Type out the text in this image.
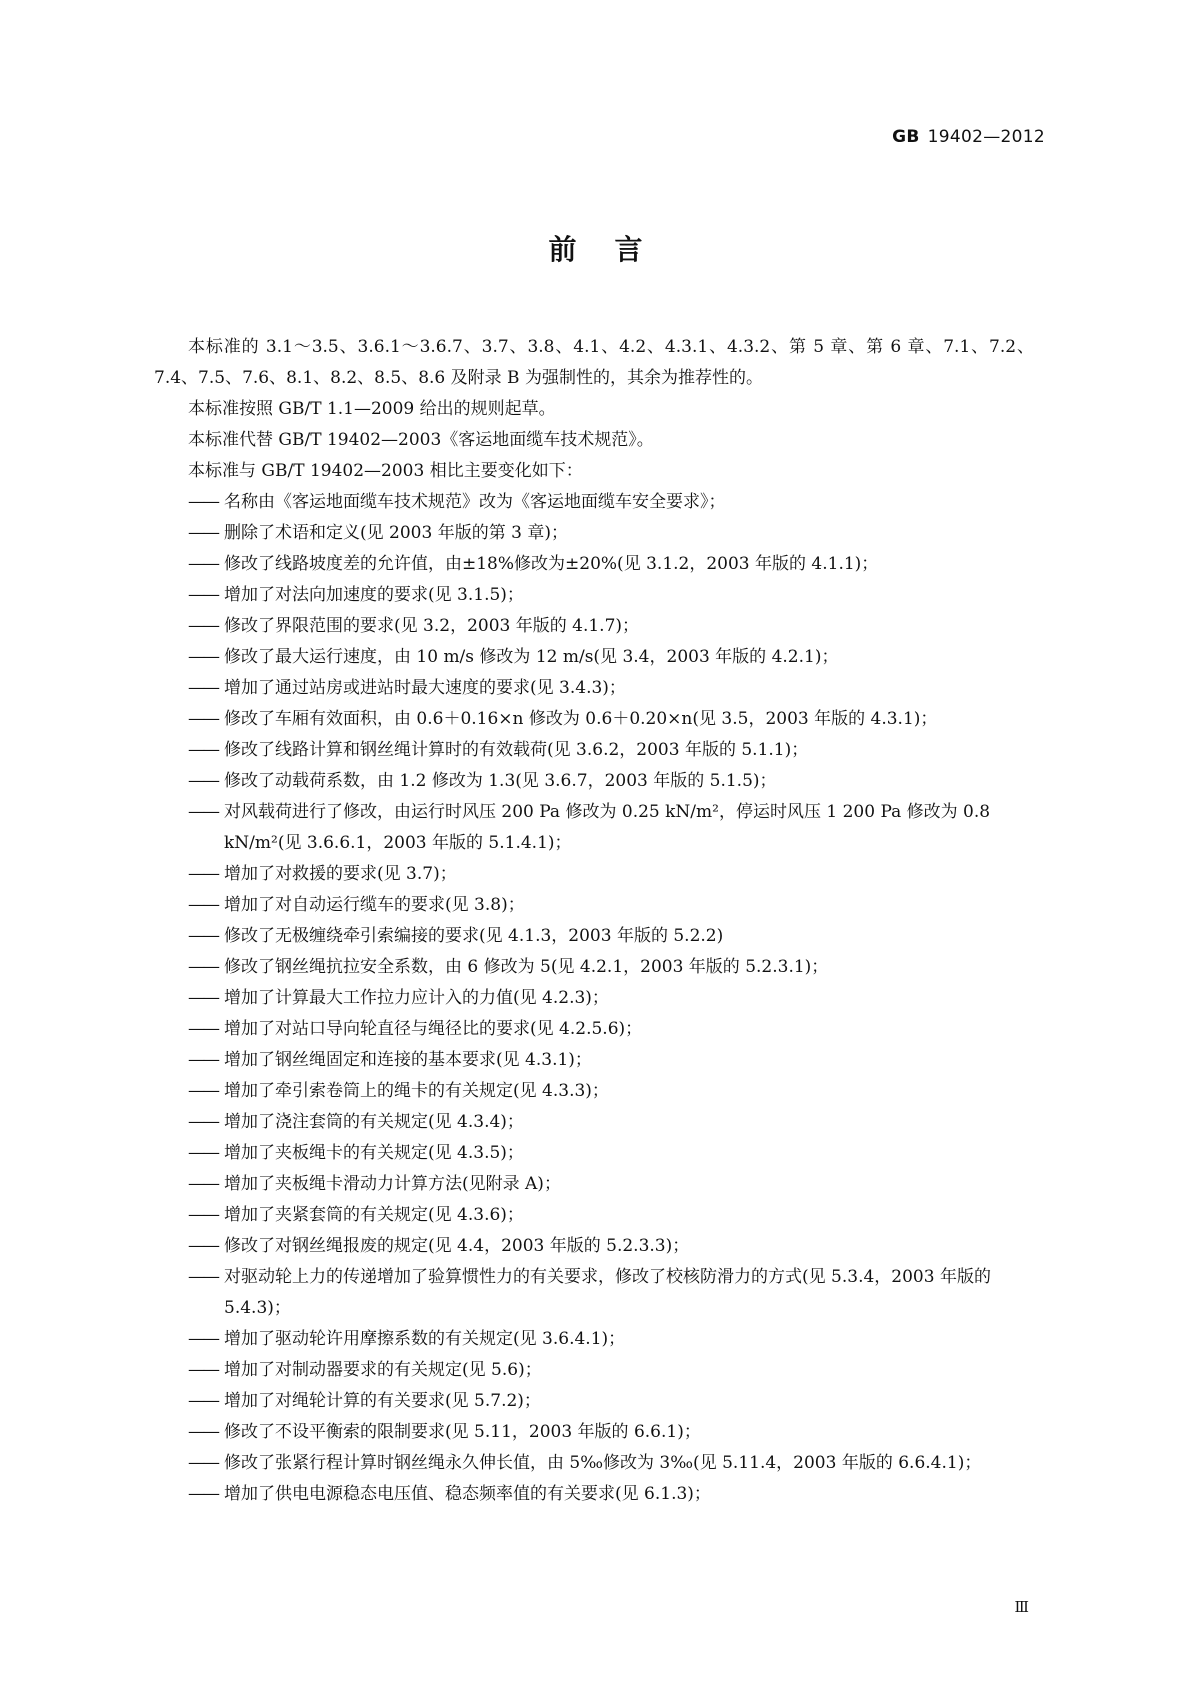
GB 19402—2012
前言

本标准的 3.1～3.5、3.6.1～3.6.7、3.7、3.8、4.1、4.2、4.3.1、4.3.2、第 5 章、第 6 章、7.1、7.2、7.4、7.5、7.6、8.1、8.2、8.5、8.6 及附录 B 为强制性的，其余为推荐性的。

本标准按照 GB/T 1.1—2009 给出的规则起草。

本标准代替 GB/T 19402—2003《客运地面缆车技术规范》。

本标准与 GB/T 19402—2003 相比主要变化如下：

—— 名称由《客运地面缆车技术规范》改为《客运地面缆车安全要求》；

—— 删除了术语和定义(见 2003 年版的第 3 章)；

—— 修改了线路坡度差的允许值，由±18%修改为±20%(见 3.1.2，2003 年版的 4.1.1)；

—— 增加了对法向加速度的要求(见 3.1.5)；

—— 修改了界限范围的要求(见 3.2，2003 年版的 4.1.7)；

—— 修改了最大运行速度，由 10 m/s 修改为 12 m/s(见 3.4，2003 年版的 4.2.1)；

—— 增加了通过站房或进站时最大速度的要求(见 3.4.3)；

—— 修改了车厢有效面积，由 0.6＋0.16×n 修改为 0.6＋0.20×n(见 3.5，2003 年版的 4.3.1)；

—— 修改了线路计算和钢丝绳计算时的有效载荷(见 3.6.2，2003 年版的 5.1.1)；

—— 修改了动载荷系数，由 1.2 修改为 1.3(见 3.6.7，2003 年版的 5.1.5)；

—— 对风载荷进行了修改，由运行时风压 200 Pa 修改为 0.25 kN/m²，停运时风压 1 200 Pa 修改为 0.8 kN/m²(见 3.6.6.1，2003 年版的 5.1.4.1)；

—— 增加了对救援的要求(见 3.7)；

—— 增加了对自动运行缆车的要求(见 3.8)；

—— 修改了无极缠绕牵引索编接的要求(见 4.1.3，2003 年版的 5.2.2)

—— 修改了钢丝绳抗拉安全系数，由 6 修改为 5(见 4.2.1，2003 年版的 5.2.3.1)；

—— 增加了计算最大工作拉力应计入的力值(见 4.2.3)；

—— 增加了对站口导向轮直径与绳径比的要求(见 4.2.5.6)；

—— 增加了钢丝绳固定和连接的基本要求(见 4.3.1)；

—— 增加了牵引索卷筒上的绳卡的有关规定(见 4.3.3)；

—— 增加了浇注套筒的有关规定(见 4.3.4)；

—— 增加了夹板绳卡的有关规定(见 4.3.5)；

—— 增加了夹板绳卡滑动力计算方法(见附录 A)；

—— 增加了夹紧套筒的有关规定(见 4.3.6)；

—— 修改了对钢丝绳报废的规定(见 4.4，2003 年版的 5.2.3.3)；

—— 对驱动轮上力的传递增加了验算惯性力的有关要求，修改了校核防滑力的方式(见 5.3.4，2003 年版的 5.4.3)；

—— 增加了驱动轮许用摩擦系数的有关规定(见 3.6.4.1)；

—— 增加了对制动器要求的有关规定(见 5.6)；

—— 增加了对绳轮计算的有关要求(见 5.7.2)；

—— 修改了不设平衡索的限制要求(见 5.11，2003 年版的 6.6.1)；

—— 修改了张紧行程计算时钢丝绳永久伸长值，由 5‰修改为 3‰(见 5.11.4，2003 年版的 6.6.4.1)；

—— 增加了供电电源稳态电压值、稳态频率值的有关要求(见 6.1.3)；

Ⅲ
